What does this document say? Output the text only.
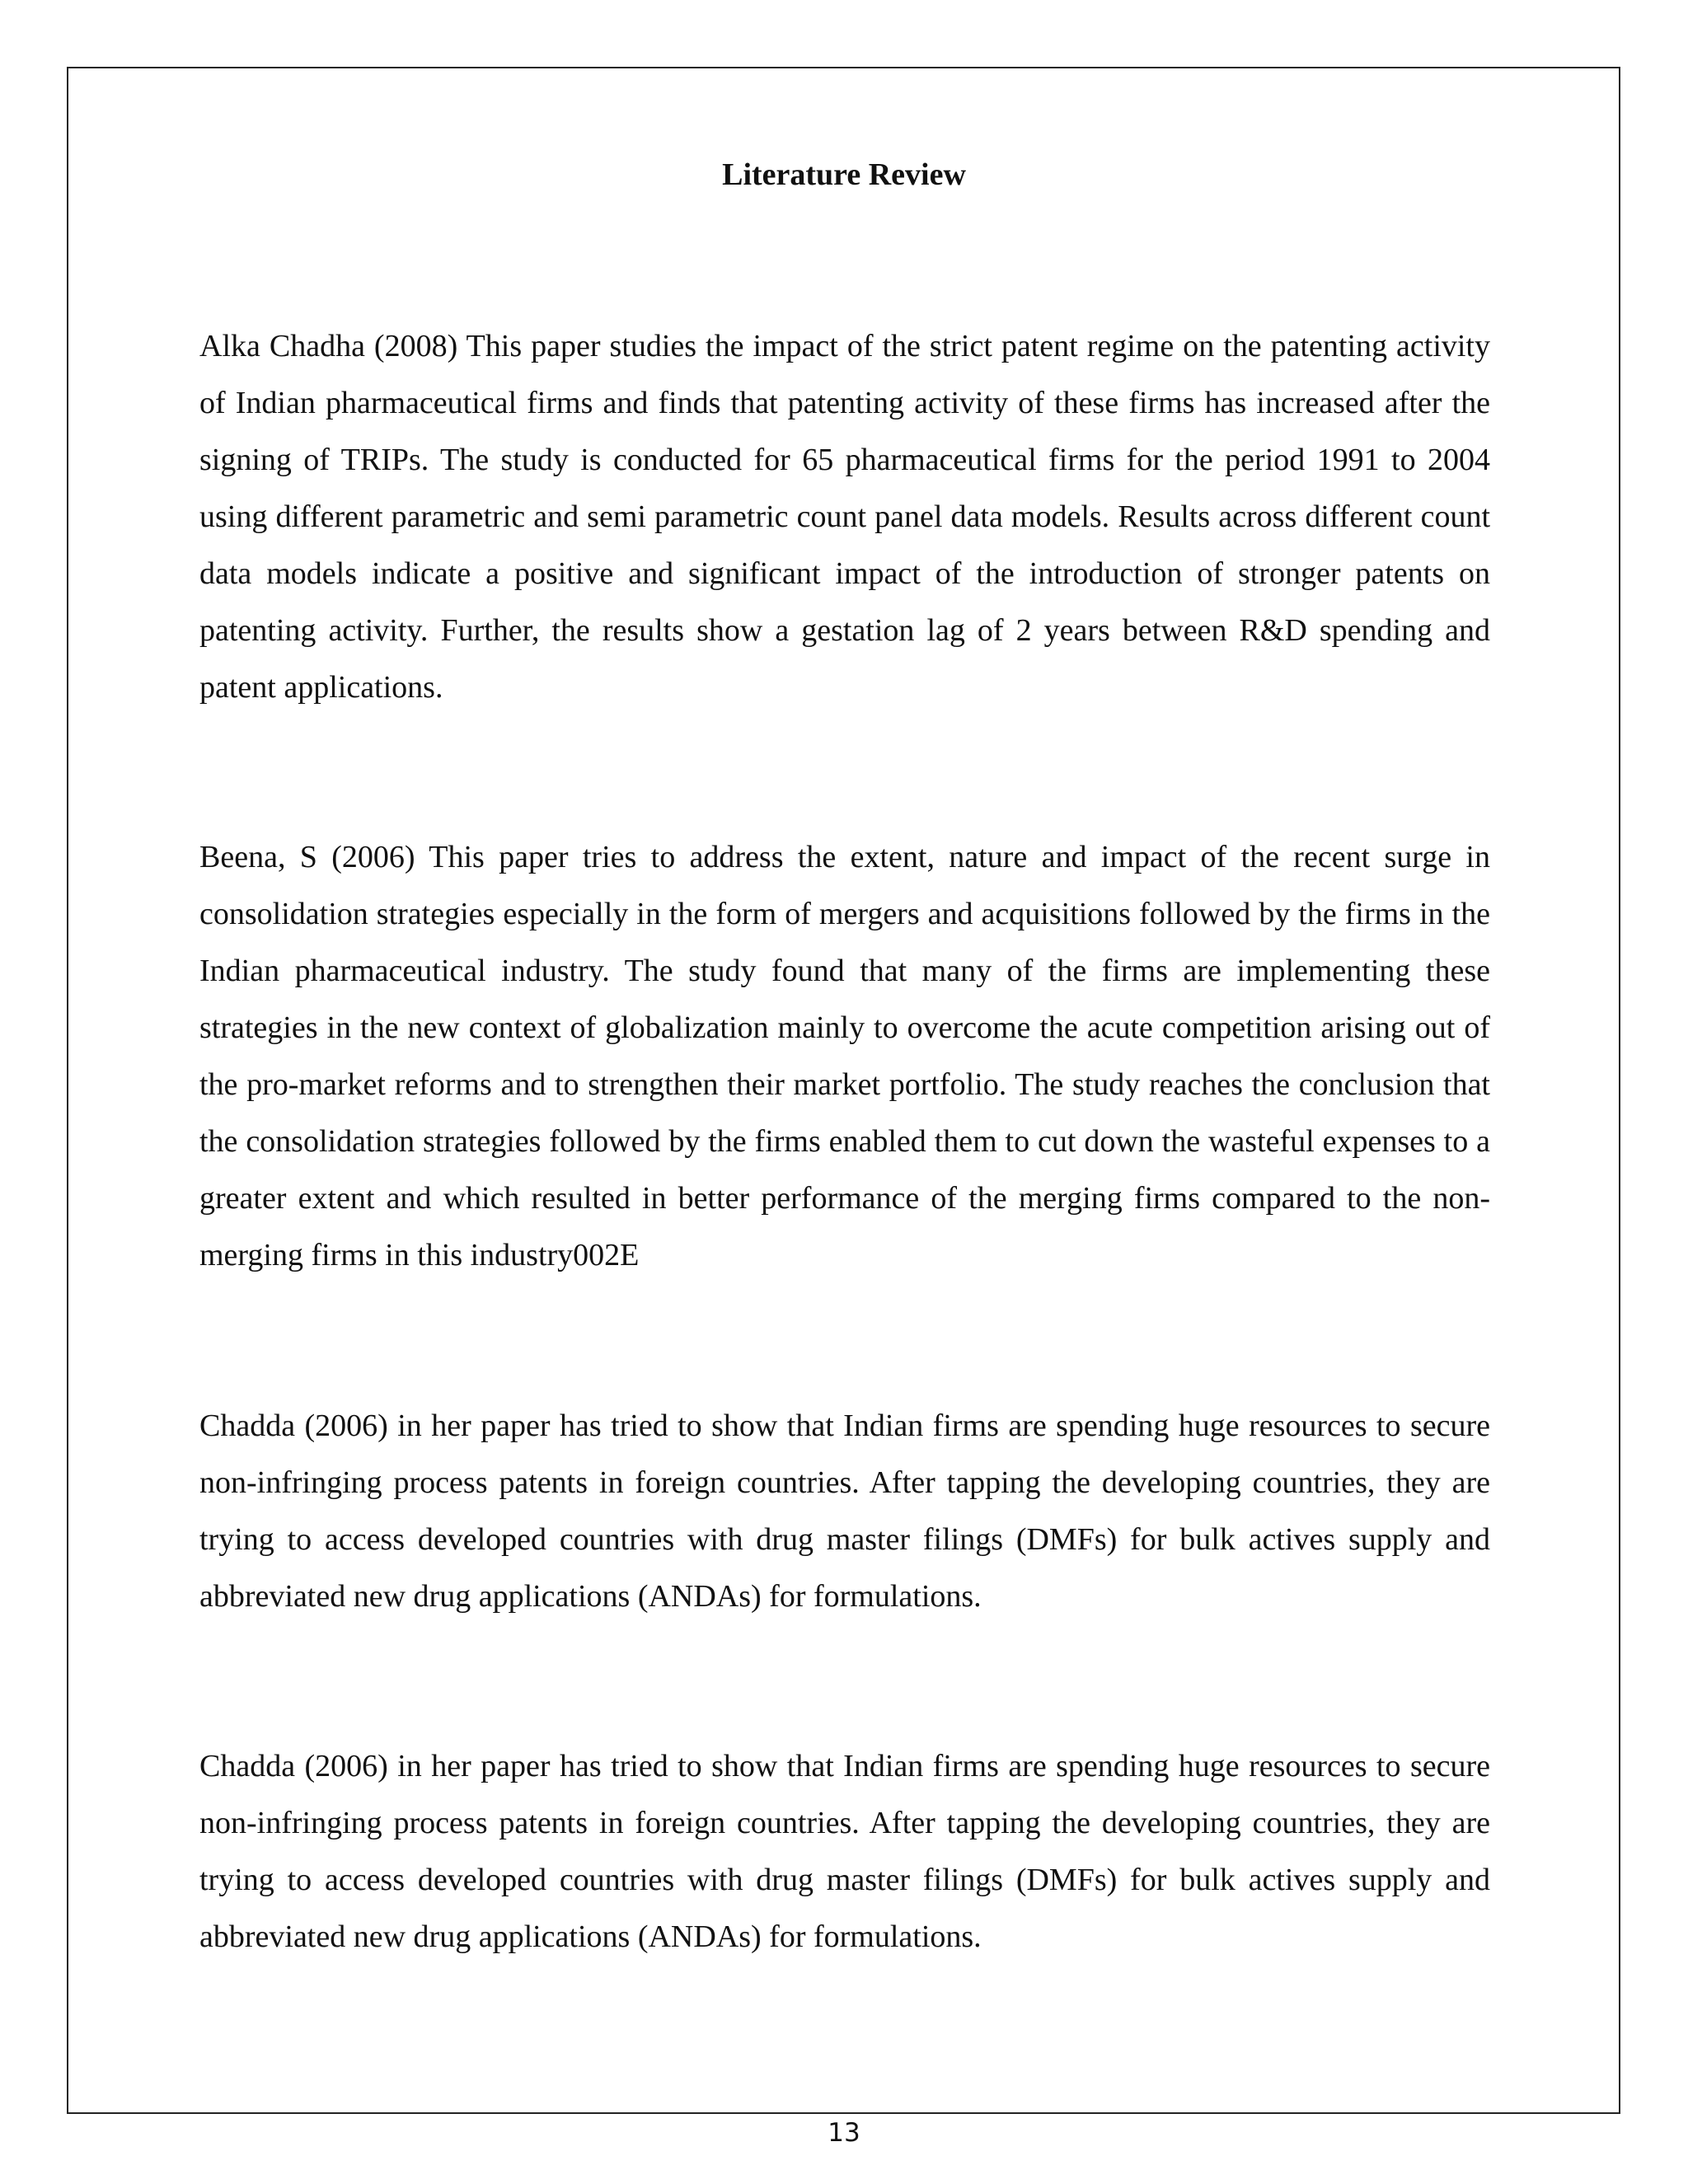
Literature Review

Alka Chadha (2008) This paper studies the impact of the strict patent regime on the patenting activity of Indian pharmaceutical firms and finds that patenting activity of these firms has increased after the signing of TRIPs. The study is conducted for 65 pharmaceutical firms for the period 1991 to 2004 using different parametric and semi parametric count panel data models. Results across different count data models indicate a positive and significant impact of the introduction of stronger patents on patenting activity. Further, the results show a gestation lag of 2 years between R&D spending and patent applications.

Beena, S (2006) This paper tries to address the extent, nature and impact of the recent surge in consolidation strategies especially in the form of mergers and acquisitions followed by the firms in the Indian pharmaceutical industry. The study found that many of the firms are implementing these strategies in the new context of globalization mainly to overcome the acute competition arising out of the pro-market reforms and to strengthen their market portfolio. The study reaches the conclusion that the consolidation strategies followed by the firms enabled them to cut down the wasteful expenses to a greater extent and which resulted in better performance of the merging firms compared to the non-merging firms in this industry002E

Chadda (2006) in her paper has tried to show that Indian firms are spending huge resources to secure non-infringing process patents in foreign countries. After tapping the developing countries, they are trying to access developed countries with drug master filings (DMFs) for bulk actives supply and abbreviated new drug applications (ANDAs) for formulations.

Chadda (2006) in her paper has tried to show that Indian firms are spending huge resources to secure non-infringing process patents in foreign countries. After tapping the developing countries, they are trying to access developed countries with drug master filings (DMFs) for bulk actives supply and abbreviated new drug applications (ANDAs) for formulations.

13
